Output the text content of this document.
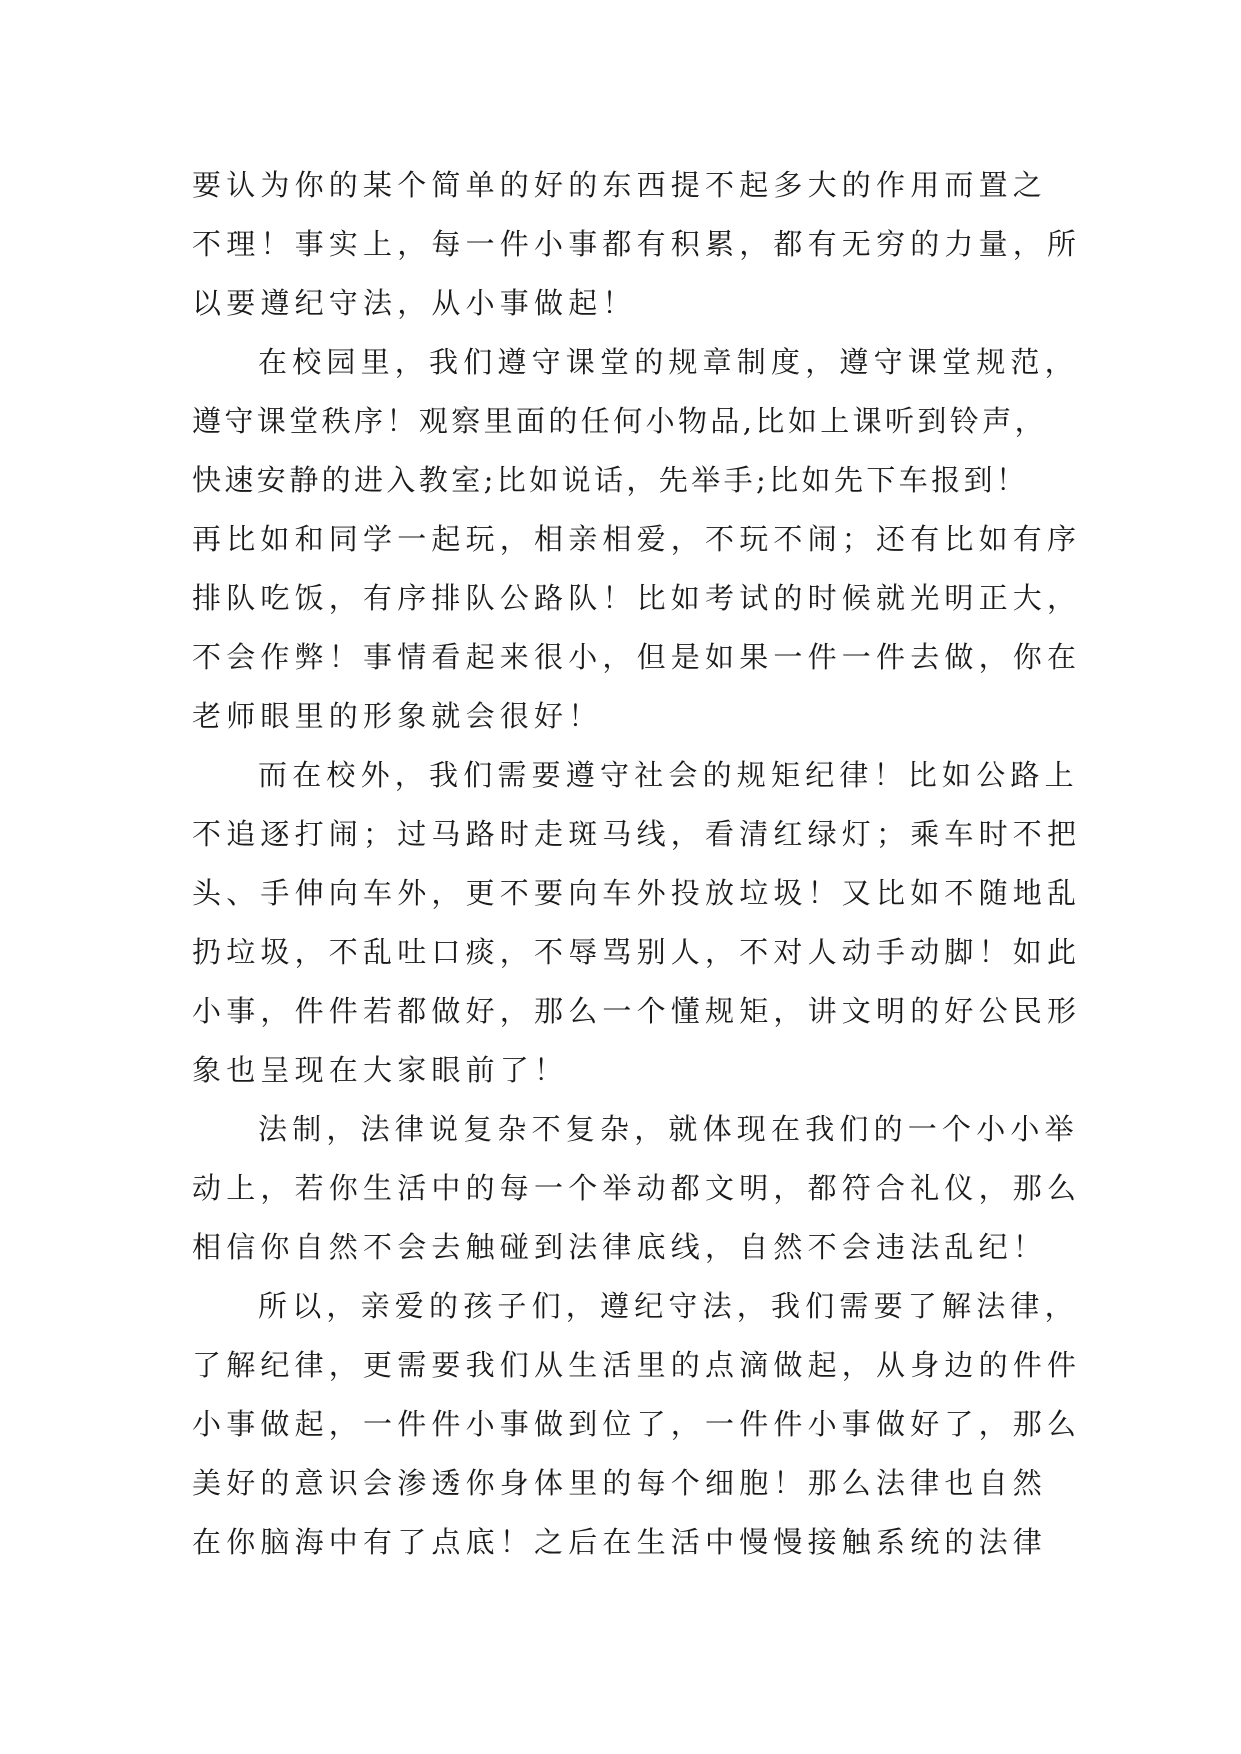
要认为你的某个简单的好的东西提不起多大的作用而置之
不理！事实上，每一件小事都有积累，都有无穷的力量，所
以要遵纪守法，从小事做起！
在校园里，我们遵守课堂的规章制度，遵守课堂规范，
遵守课堂秩序！观察里面的任何小物品,比如上课听到铃声，
快速安静的进入教室;比如说话，先举手;比如先下车报到！
再比如和同学一起玩，相亲相爱，不玩不闹；还有比如有序
排队吃饭，有序排队公路队！比如考试的时候就光明正大，
不会作弊！事情看起来很小，但是如果一件一件去做，你在
老师眼里的形象就会很好！
而在校外，我们需要遵守社会的规矩纪律！比如公路上
不追逐打闹；过马路时走斑马线，看清红绿灯；乘车时不把
头、手伸向车外，更不要向车外投放垃圾！又比如不随地乱
扔垃圾，不乱吐口痰，不辱骂别人，不对人动手动脚！如此
小事，件件若都做好，那么一个懂规矩，讲文明的好公民形
象也呈现在大家眼前了！
法制，法律说复杂不复杂，就体现在我们的一个小小举
动上，若你生活中的每一个举动都文明，都符合礼仪，那么
相信你自然不会去触碰到法律底线，自然不会违法乱纪！
所以，亲爱的孩子们，遵纪守法，我们需要了解法律，
了解纪律，更需要我们从生活里的点滴做起，从身边的件件
小事做起，一件件小事做到位了，一件件小事做好了，那么
美好的意识会渗透你身体里的每个细胞！那么法律也自然
在你脑海中有了点底！之后在生活中慢慢接触系统的法律
